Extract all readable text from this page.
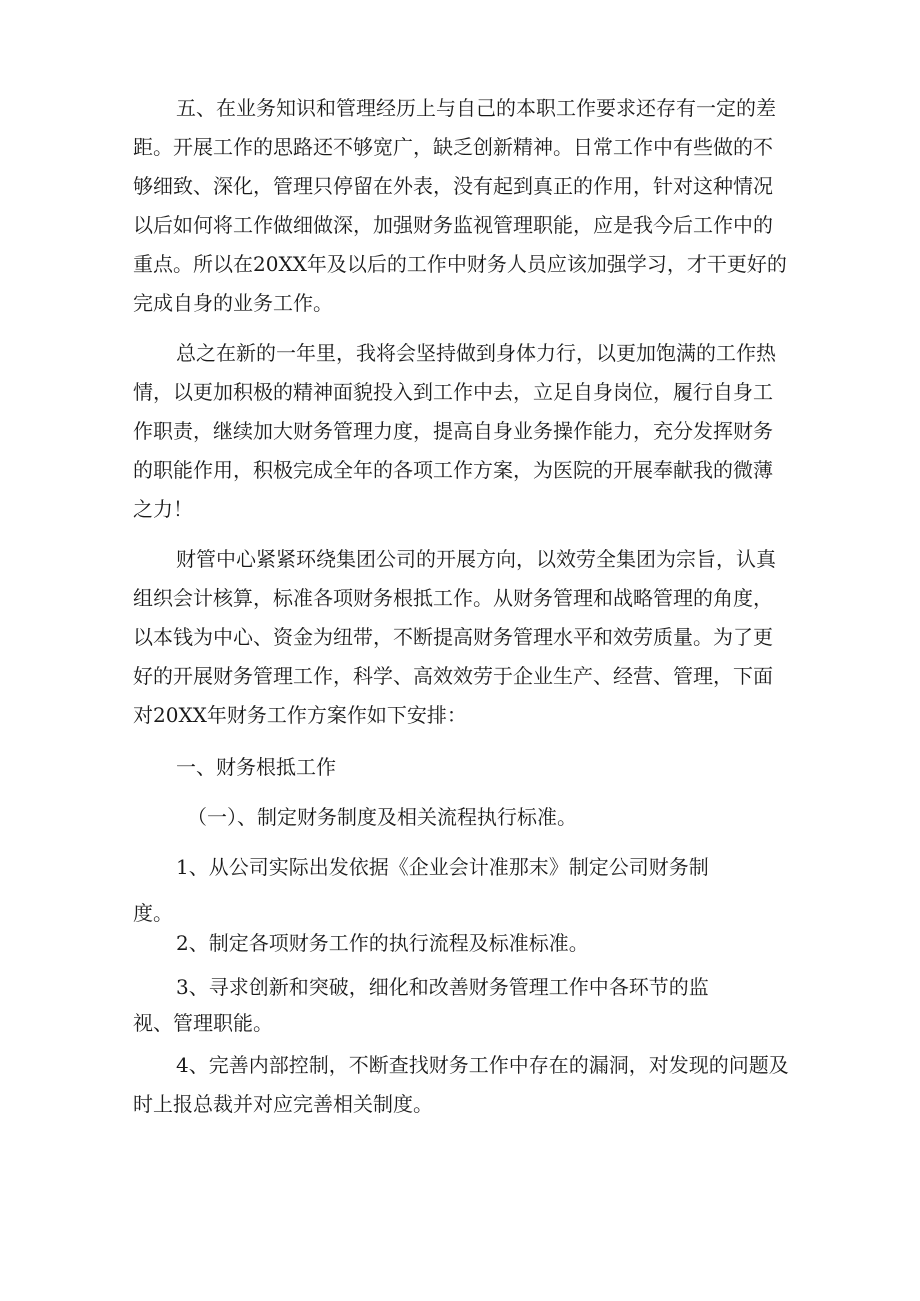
五、在业务知识和管理经历上与自己的本职工作要求还存有一定的差

距。开展工作的思路还不够宽广，缺乏创新精神。日常工作中有些做的不

够细致、深化，管理只停留在外表，没有起到真正的作用，针对这种情况

以后如何将工作做细做深，加强财务监视管理职能，应是我今后工作中的

重点。所以在20XX年及以后的工作中财务人员应该加强学习，才干更好的

完成自身的业务工作。

总之在新的一年里，我将会坚持做到身体力行，以更加饱满的工作热

情，以更加积极的精神面貌投入到工作中去，立足自身岗位，履行自身工

作职责，继续加大财务管理力度，提高自身业务操作能力，充分发挥财务

的职能作用，积极完成全年的各项工作方案，为医院的开展奉献我的微薄

之力！

财管中心紧紧环绕集团公司的开展方向，以效劳全集团为宗旨，认真

组织会计核算，标准各项财务根抵工作。从财务管理和战略管理的角度，

以本钱为中心、资金为纽带，不断提高财务管理水平和效劳质量。为了更

好的开展财务管理工作，科学、高效效劳于企业生产、经营、管理，下面

对20XX年财务工作方案作如下安排：

一、财务根抵工作

（一）、制定财务制度及相关流程执行标准。

1、从公司实际出发依据《企业会计准那末》制定公司财务制

度。

2、制定各项财务工作的执行流程及标准标准。

3、寻求创新和突破，细化和改善财务管理工作中各环节的监

视、管理职能。

4、完善内部控制，不断查找财务工作中存在的漏洞，对发现的问题及

时上报总裁并对应完善相关制度。
